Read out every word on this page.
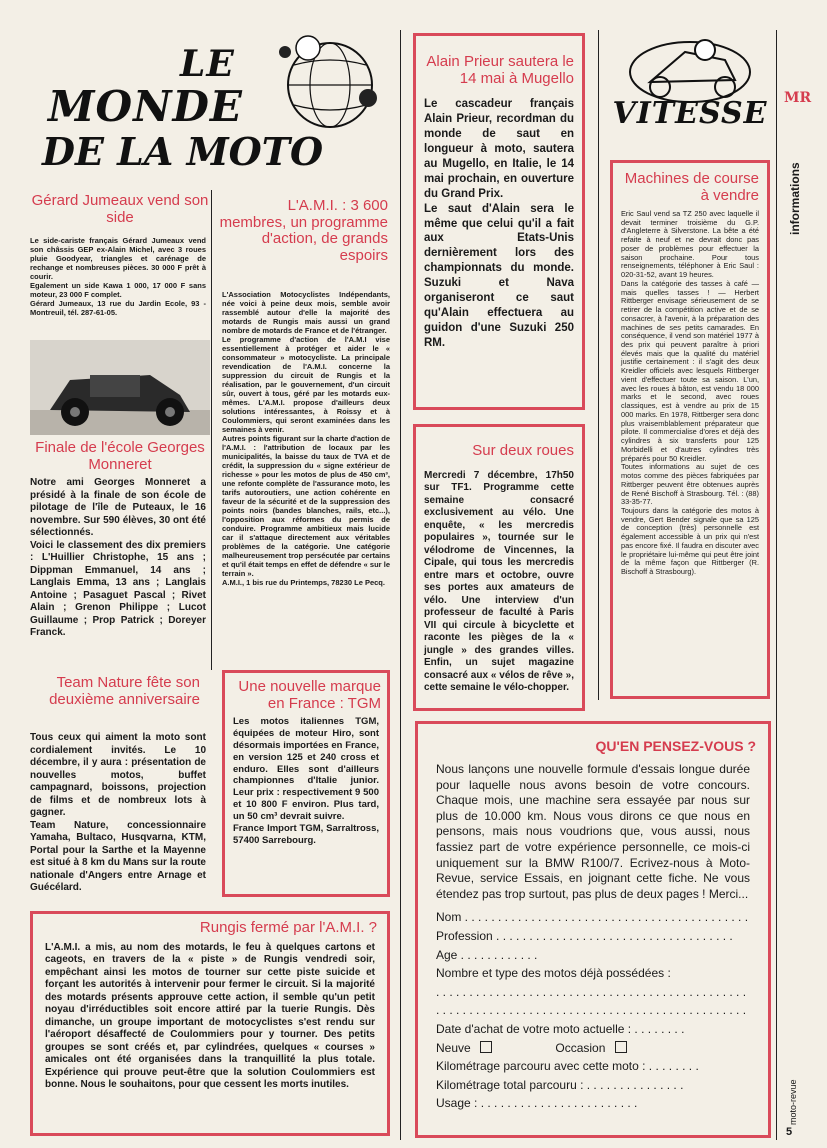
LE
MONDE
DE LA MOTO
Gérard Jumeaux vend son side
Le side-cariste français Gérard Jumeaux vend son châssis GEP ex-Alain Michel, avec 3 roues pluie Goodyear, triangles et carénage de rechange et nombreuses pièces. 30 000 F prêt à courir.
Egalement un side Kawa 1 000, 17 000 F sans moteur, 23 000 F complet.
Gérard Jumeaux, 13 rue du Jardin Ecole, 93 - Montreuil, tél. 287-61-05.
Finale de l'école Georges Monneret
Notre ami Georges Monneret a présidé à la finale de son école de pilotage de l'île de Puteaux, le 16 novembre. Sur 590 élèves, 30 ont été sélectionnés.
Voici le classement des dix premiers : L'Huillier Christophe, 15 ans ; Dippman Emmanuel, 14 ans ; Langlais Emma, 13 ans ; Langlais Antoine ; Pasaguet Pascal ; Rivet Alain ; Grenon Philippe ; Lucot Guillaume ; Prop Patrick ; Doreyer Franck.
Team Nature fête son deuxième anniversaire
Tous ceux qui aiment la moto sont cordialement invités. Le 10 décembre, il y aura : présentation de nouvelles motos, buffet campagnard, boissons, projection de films et de nombreux lots à gagner.
Team Nature, concessionnaire Yamaha, Bultaco, Husqvarna, KTM, Portal pour la Sarthe et la Mayenne est situé à 8 km du Mans sur la route nationale d'Angers entre Arnage et Guécélard.
L'A.M.I. : 3 600 membres, un programme d'action, de grands espoirs
L'Association Motocyclistes Indépendants, née voici à peine deux mois, semble avoir rassemblé autour d'elle la majorité des motards de Rungis mais aussi un grand nombre de motards de France et de l'étranger.
Le programme d'action de l'A.M.I vise essentiellement à protéger et aider le « consommateur » motocycliste. La principale revendication de l'A.M.I. concerne la suppression du circuit de Rungis et la réalisation, par le gouvernement, d'un circuit sûr, ouvert à tous, géré par les motards eux-mêmes. L'A.M.I. propose d'ailleurs deux solutions intéressantes, à Roissy et à Coulommiers, qui seront examinées dans les semaines à venir.
Autres points figurant sur la charte d'action de l'A.M.I. : l'attribution de locaux par les municipalités, la baisse du taux de TVA et de crédit, la suppression du « signe extérieur de richesse » pour les motos de plus de 450 cm³, une refonte complète de l'assurance moto, les tarifs autoroutiers, une action cohérente en faveur de la sécurité et de la suppression des points noirs (bandes blanches, rails, etc...), l'opposition aux réformes du permis de conduire. Programme ambitieux mais lucide car il s'attaque directement aux véritables problèmes de la catégorie. Une catégorie malheureusement trop persécutée par certains et qu'il était temps en effet de défendre « sur le terrain ».
A.M.I., 1 bis rue du Printemps, 78230 Le Pecq.
Une nouvelle marque en France : TGM
Les motos italiennes TGM, équipées de moteur Hiro, sont désormais importées en France, en version 125 et 240 cross et enduro. Elles sont d'ailleurs championnes d'Italie junior. Leur prix : respectivement 9 500 et 10 800 F environ. Plus tard, un 50 cm³ devrait suivre.
France Import TGM, Sarraltross, 57400 Sarrebourg.
Rungis fermé par l'A.M.I. ?
L'A.M.I. a mis, au nom des motards, le feu à quelques cartons et cageots, en travers de la « piste » de Rungis vendredi soir, empêchant ainsi les motos de tourner sur cette piste suicide et forçant les autorités à intervenir pour fermer le circuit. Si la majorité des motards présents approuve cette action, il semble qu'un petit noyau d'irréductibles soit encore attiré par la tuerie Rungis. Dès dimanche, un groupe important de motocyclistes s'est rendu sur l'aéroport désaffecté de Coulommiers pour y tourner. Des petits groupes se sont créés et, par cylindrées, quelques « courses » amicales ont été organisées dans la tranquillité la plus totale. Expérience qui prouve peut-être que la solution Coulommiers est bonne. Nous le souhaitons, pour que cessent les morts inutiles.
Alain Prieur sautera le 14 mai à Mugello
Le cascadeur français Alain Prieur, recordman du monde de saut en longueur à moto, sautera au Mugello, en Italie, le 14 mai prochain, en ouverture du Grand Prix.
Le saut d'Alain sera le même que celui qu'il a fait aux Etats-Unis dernièrement lors des championnats du monde. Suzuki et Nava organiseront ce saut qu'Alain effectuera au guidon d'une Suzuki 250 RM.
Sur deux roues
Mercredi 7 décembre, 17h50 sur TF1. Programme cette semaine consacré exclusivement au vélo. Une enquête, « les mercredis populaires », tournée sur le vélodrome de Vincennes, la Cipale, qui tous les mercredis entre mars et octobre, ouvre ses portes aux amateurs de vélo. Une interview d'un professeur de faculté à Paris VII qui circule à bicyclette et raconte les pièges de la « jungle » des grandes villes. Enfin, un sujet magazine consacré aux « vélos de rêve », cette semaine le vélo-chopper.
VITESSE
Machines de course à vendre
Eric Saul vend sa TZ 250 avec laquelle il devait terminer troisième du G.P. d'Angleterre à Silverstone. La bête a été refaite à neuf et ne devrait donc pas poser de problèmes pour effectuer la saison prochaine. Pour tous renseignements, téléphoner à Eric Saul : 020-31-52, avant 19 heures.
Dans la catégorie des tasses à café — mais quelles tasses ! — Herbert Rittberger envisage sérieusement de se retirer de la compétition active et de se consacrer, à l'avenir, à la préparation des machines de ses petits camarades. En conséquence, il vend son matériel 1977 à des prix qui peuvent paraître à priori élevés mais que la qualité du matériel justifie certainement : il s'agit des deux Kreidler officiels avec lesquels Rittberger vient d'effectuer toute sa saison. L'un, avec les roues à bâton, est vendu 18 000 marks et le second, avec roues classiques, est à vendre au prix de 15 000 marks. En 1978, Rittberger sera donc plus vraisemblablement préparateur que pilote. Il commercialise d'ores et déjà des cylindres à six transferts pour 125 Morbidelli et d'autres cylindres très préparés pour 50 Kreidler.
Toutes informations au sujet de ces motos comme des pièces fabriquées par Rittberger peuvent être obtenues auprès de René Bischoff à Strasbourg. Tél. : (88) 33-35-77.
Toujours dans la catégorie des motos à vendre, Gert Bender signale que sa 125 de conception (très) personnelle est également accessible à un prix qui n'est pas encore fixé. Il faudra en discuter avec le propriétaire lui-même qui peut être joint de la même façon que Rittberger (R. Bischoff à Strasbourg).
QU'EN PENSEZ-VOUS ?
Nous lançons une nouvelle formule d'essais longue durée pour laquelle nous avons besoin de votre concours. Chaque mois, une machine sera essayée par nous sur plus de 10.000 km. Nous vous dirons ce que nous en pensons, mais nous voudrions que, vous aussi, nous fassiez part de votre expérience personnelle, ce mois-ci uniquement sur la BMW R100/7. Ecrivez-nous à Moto-Revue, service Essais, en joignant cette fiche. Ne vous étendez pas trop surtout, pas plus de deux pages ! Merci...
Nom . . . . . . . . . . . . . . . . . . . . . . . . . . . . . . . . . . . . . . . . . . .
Profession . . . . . . . . . . . . . . . . . . . . . . . . . . . . . . . . . . . .
Age . . . . . . . . . . . .
Nombre et type des motos déjà possédées :
. . . . . . . . . . . . . . . . . . . . . . . . . . . . . . . . . . . . . . . . . . . . . . .
. . . . . . . . . . . . . . . . . . . . . . . . . . . . . . . . . . . . . . . . . . . . . . .
Date d'achat de votre moto actuelle : . . . . . . . .
Neuve	Occasion
Kilométrage parcouru avec cette moto : . . . . . . . .
Kilométrage total parcouru : . . . . . . . . . . . . . . .
Usage : . . . . . . . . . . . . . . . . . . . . . . . .
MR
informations
moto-revue
5
